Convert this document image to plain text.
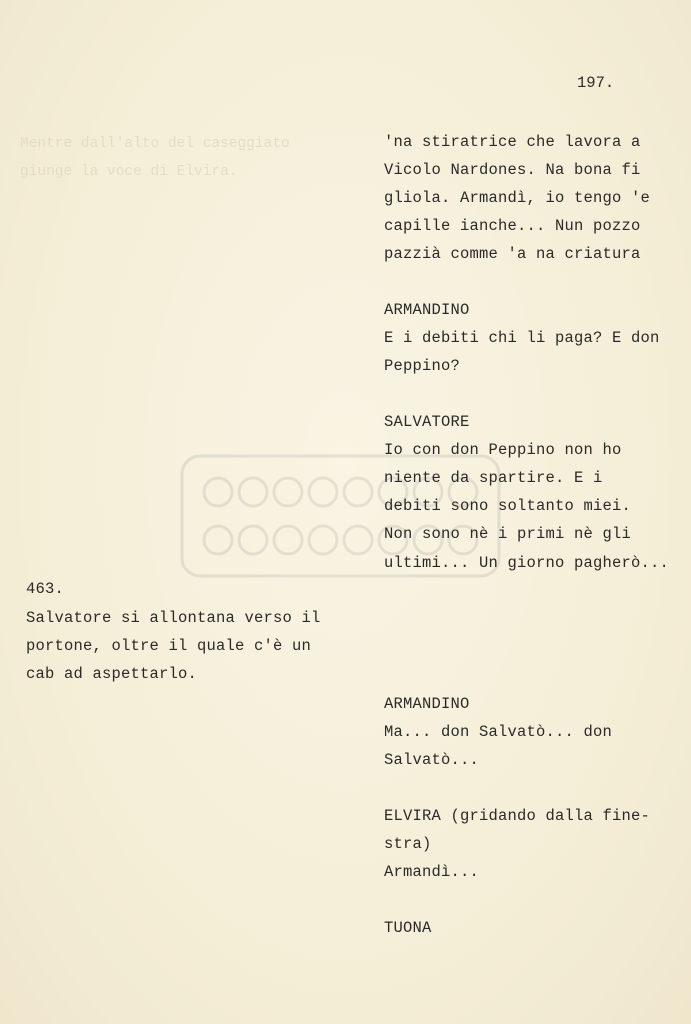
197.
Mentre dall'alto del caseggiato
giunge la voce di Elvira.
'na stiratrice che lavora a
Vicolo Nardones. Na bona fi
gliola. Armandì, io tengo 'e
capille ianche... Nun pozzo
pazzià comme 'a na criatura
ARMANDINO
E i debiti chi li paga? E don
Peppino?
SALVATORE
Io con don Peppino non ho
niente da spartire. E i
debiti sono soltanto miei.
Non sono nè i primi nè gli
ultimi... Un giorno pagherò...
ARMANDINO
Ma... don Salvatò... don
Salvatò...
ELVIRA (gridando dalla fine-
stra)
Armandì...
TUONA
463.
Salvatore si allontana verso il
portone, oltre il quale c'è un
cab ad aspettarlo.
